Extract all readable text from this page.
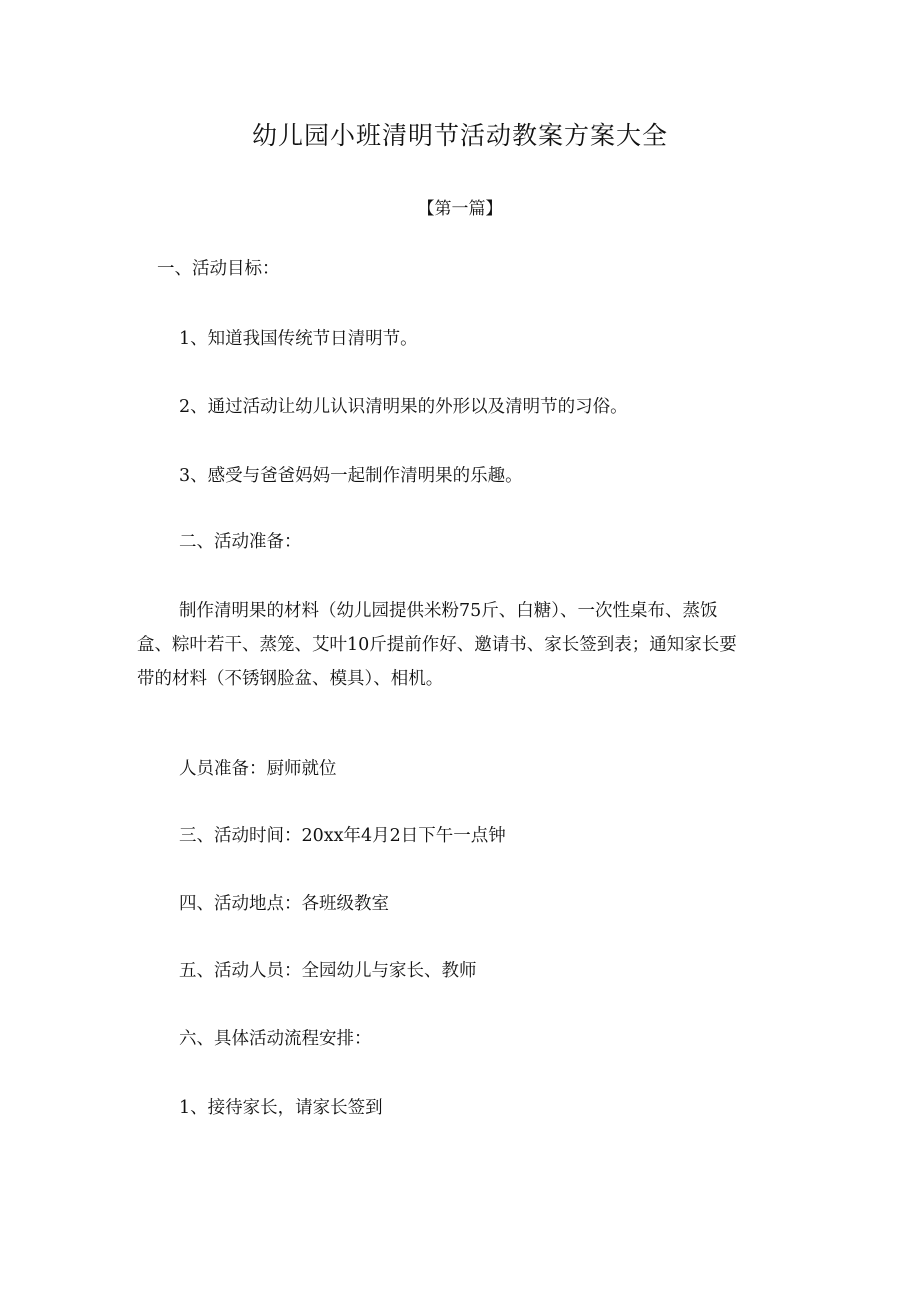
幼儿园小班清明节活动教案方案大全
【第一篇】
一、活动目标：
1、知道我国传统节日清明节。
2、通过活动让幼儿认识清明果的外形以及清明节的习俗。
3、感受与爸爸妈妈一起制作清明果的乐趣。
二、活动准备：
制作清明果的材料（幼儿园提供米粉75斤、白糖）、一次性桌布、蒸饭
盒、粽叶若干、蒸笼、艾叶10斤提前作好、邀请书、家长签到表；通知家长要
带的材料（不锈钢脸盆、模具）、相机。
人员准备：厨师就位
三、活动时间：20xx年4月2日下午一点钟
四、活动地点：各班级教室
五、活动人员：全园幼儿与家长、教师
六、具体活动流程安排：
1、接待家长，请家长签到
